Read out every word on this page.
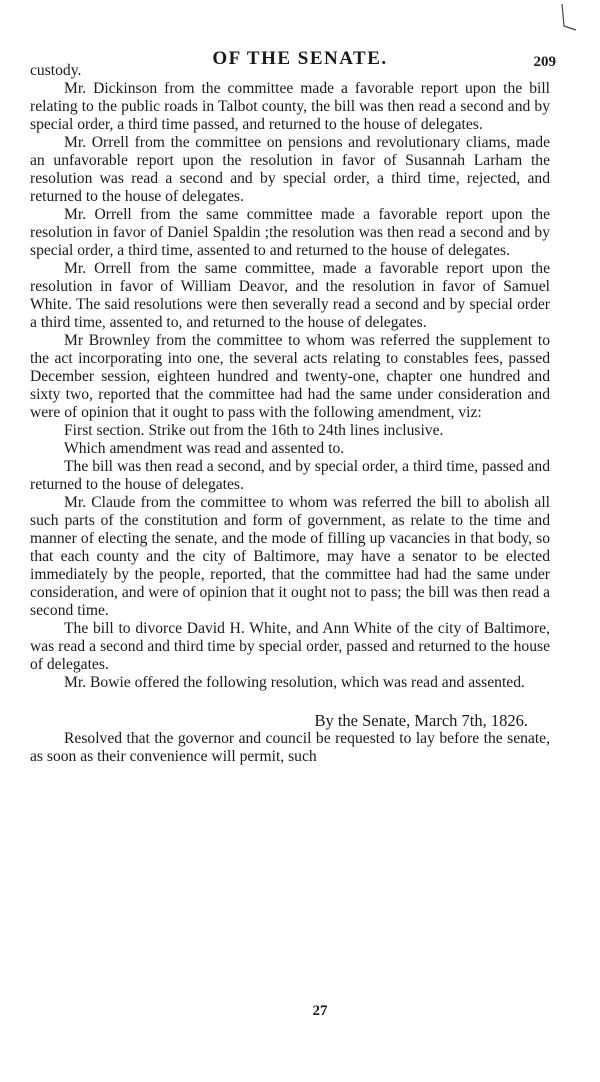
OF THE SENATE.	209

custody.

Mr. Dickinson from the committee made a favorable report upon the bill relating to the public roads in Talbot county, the bill was then read a second and by special order, a third time passed, and returned to the house of delegates.

Mr. Orrell from the committee on pensions and revolutionary cliams, made an unfavorable report upon the resolution in favor of Susannah Larham the resolution was read a second and by special order, a third time, rejected, and returned to the house of delegates.

Mr. Orrell from the same committee made a favorable report upon the resolution in favor of Daniel Spaldin ;the resolution was then read a second and by special order, a third time, assented to and returned to the house of delegates.

Mr. Orrell from the same committee, made a favorable report upon the resolution in favor of William Deavor, and the resolution in favor of Samuel White. The said resolutions were then severally read a second and by special order a third time, assented to, and returned to the house of delegates.

Mr Brownley from the committee to whom was referred the supplement to the act incorporating into one, the several acts relating to constables fees, passed December session, eighteen hundred and twenty-one, chapter one hundred and sixty two, reported that the committee had had the same under consideration and were of opinion that it ought to pass with the following amendment, viz:

First section. Strike out from the 16th to 24th lines inclusive.

Which amendment was read and assented to.

The bill was then read a second, and by special order, a third time, passed and returned to the house of delegates.

Mr. Claude from the committee to whom was referred the bill to abolish all such parts of the constitution and form of government, as relate to the time and manner of electing the senate, and the mode of filling up vacancies in that body, so that each county and the city of Baltimore, may have a senator to be elected immediately by the people, reported, that the committee had had the same under consideration, and were of opinion that it ought not to pass; the bill was then read a second time.

The bill to divorce David H. White, and Ann White of the city of Baltimore, was read a second and third time by special order, passed and returned to the house of delegates.

Mr. Bowie offered the following resolution, which was read and assented.

By the Senate, March 7th, 1826.

Resolved that the governor and council be requested to lay before the senate, as soon as their convenience will permit, such

27
